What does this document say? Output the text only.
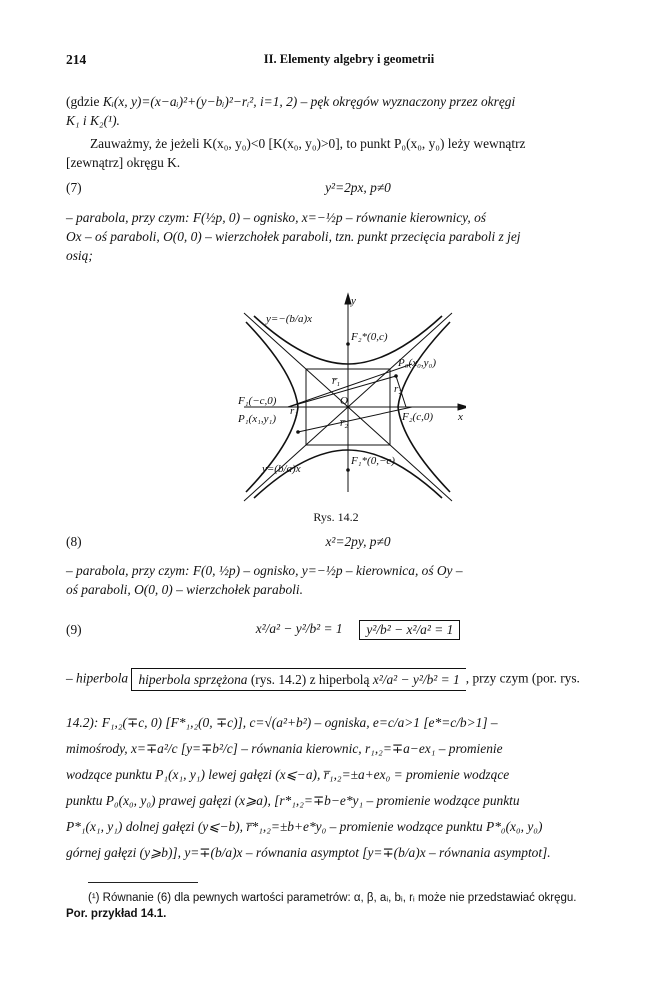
214	II. Elementy algebry i geometrii
(gdzie Kᵢ(x, y)=(x−aᵢ)²+(y−bᵢ)²−rᵢ², i=1, 2) – pęk okręgów wyznaczony przez okręgi
K₁ i K₂(¹).
Zauważmy, że jeżeli K(x₀, y₀)<0 [K(x₀, y₀)>0], to punkt P₀(x₀, y₀) leży wewnątrz
[zewnątrz] okręgu K.
(7)	y²=2px, p≠0
– parabola, przy czym: F(½p, 0) – ognisko, x=−½p – równanie kierownicy, oś
Ox – oś paraboli, O(0, 0) – wierzchołek paraboli, tzn. punkt przecięcia paraboli z jej
osią;
y
x
y=−(b/a)x
y=(b/a)x
F₂*(0,c)
F₁*(0,−c)
P₀(x₀,y₀)
F₁(−c,0)
F₂(c,0)
P₁(x₁,y₁)
O
r̅₁
r̅₂
r₁
r₂
Rys. 14.2
(8)	x²=2py, p≠0
– parabola, przy czym: F(0, ½p) – ognisko, y=−½p – kierownica, oś Oy –
oś paraboli, O(0, 0) – wierzchołek paraboli.
(9)	x²/a² − y²/b² = 1 y²/b² − x²/a² = 1
– hiperbola hiperbola sprzężona (rys. 14.2) z hiperbolą x²/a² − y²/b² = 1 , przy czym (por. rys.
14.2): F₁,₂(∓c, 0) [F*₁,₂(0, ∓c)], c=√(a²+b²) – ogniska, e=c/a>1 [e*=c/b>1] –
mimośrody, x=∓a²/c [y=∓b²/c] – równania kierownic, r₁,₂=∓a−ex₁ – promienie
wodzące punktu P₁(x₁, y₁) lewej gałęzi (x⩽−a), r̅₁,₂=±a+ex₀ = promienie wodzące
punktu P₀(x₀, y₀) prawej gałęzi (x⩾a), [r*₁,₂=∓b−e*y₁ – promienie wodzące punktu
P*₁(x₁, y₁) dolnej gałęzi (y⩽−b), r̅*₁,₂=±b+e*y₀ – promienie wodzące punktu P*₀(x₀, y₀)
górnej gałęzi (y⩾b)], y=∓(b/a)x – równania asymptot [y=∓(b/a)x – równania asymptot].
(¹) Równanie (6) dla pewnych wartości parametrów: α, β, aᵢ, bᵢ, rᵢ może nie przedstawiać okręgu.
Por. przykład 14.1.
